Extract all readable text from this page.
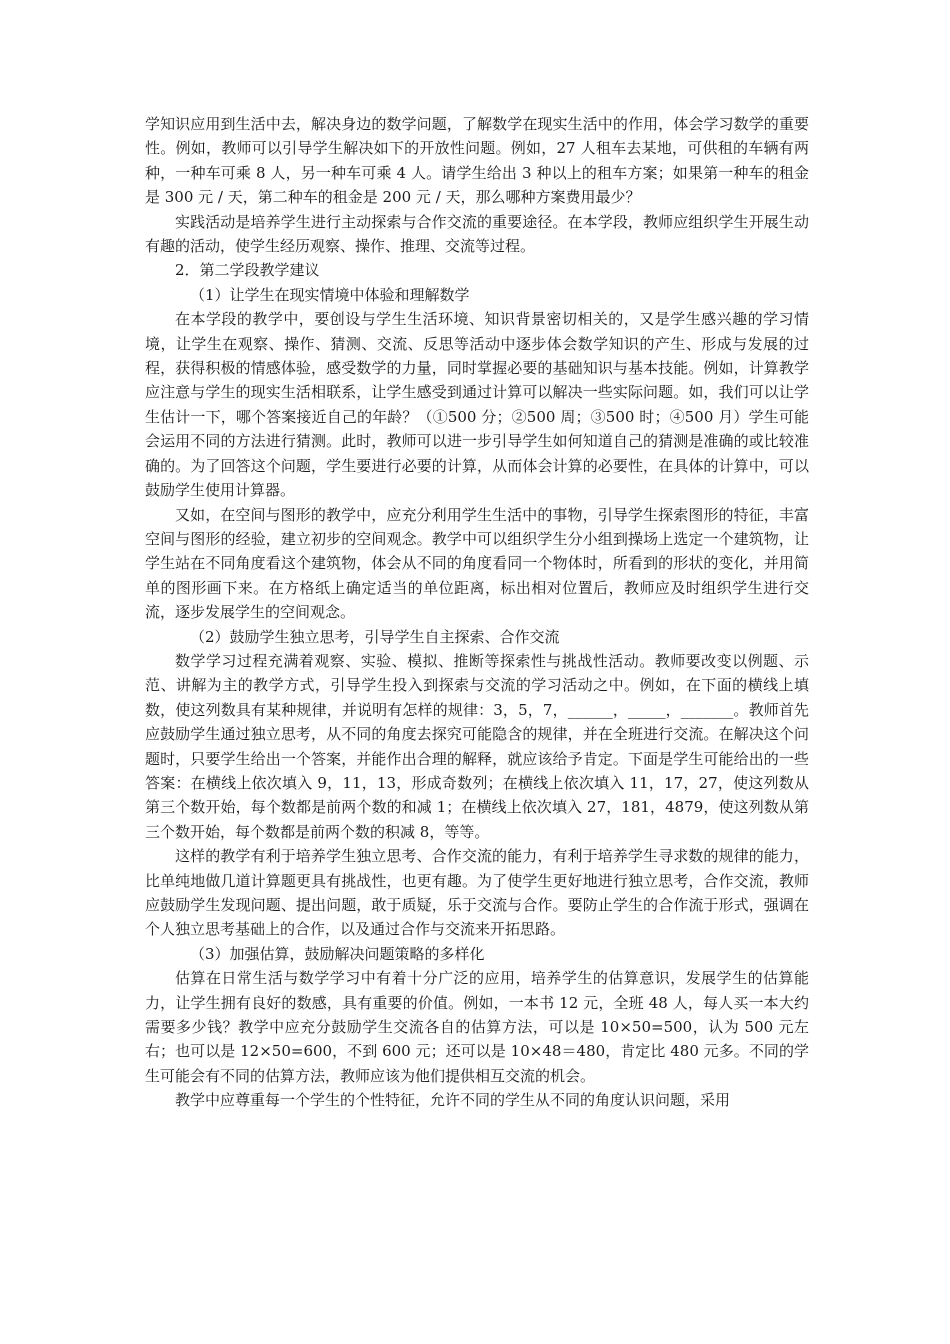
学知识应用到生活中去，解决身边的数学问题，了解数学在现实生活中的作用，体会学习数学的重要性。例如，教师可以引导学生解决如下的开放性问题。例如，27 人租车去某地，可供租的车辆有两种，一种车可乘 8 人，另一种车可乘 4 人。请学生给出 3 种以上的租车方案；如果第一种车的租金是 300 元 / 天，第二种车的租金是 200 元 / 天，那么哪种方案费用最少？

实践活动是培养学生进行主动探索与合作交流的重要途径。在本学段，教师应组织学生开展生动有趣的活动，使学生经历观察、操作、推理、交流等过程。

2．第二学段教学建议

（1）让学生在现实情境中体验和理解数学

在本学段的教学中，要创设与学生生活环境、知识背景密切相关的，又是学生感兴趣的学习情境，让学生在观察、操作、猜测、交流、反思等活动中逐步体会数学知识的产生、形成与发展的过程，获得积极的情感体验，感受数学的力量，同时掌握必要的基础知识与基本技能。例如，计算教学应注意与学生的现实生活相联系，让学生感受到通过计算可以解决一些实际问题。如，我们可以让学生估计一下，哪个答案接近自己的年龄？（①500 分；②500 周；③500 时；④500 月）学生可能会运用不同的方法进行猜测。此时，教师可以进一步引导学生如何知道自己的猜测是准确的或比较准确的。为了回答这个问题，学生要进行必要的计算，从而体会计算的必要性，在具体的计算中，可以鼓励学生使用计算器。

又如，在空间与图形的教学中，应充分利用学生生活中的事物，引导学生探索图形的特征，丰富空间与图形的经验，建立初步的空间观念。教学中可以组织学生分小组到操场上选定一个建筑物，让学生站在不同角度看这个建筑物，体会从不同的角度看同一个物体时，所看到的形状的变化，并用简单的图形画下来。在方格纸上确定适当的单位距离，标出相对位置后，教师应及时组织学生进行交流，逐步发展学生的空间观念。

（2）鼓励学生独立思考，引导学生自主探索、合作交流

数学学习过程充满着观察、实验、模拟、推断等探索性与挑战性活动。教师要改变以例题、示范、讲解为主的教学方式，引导学生投入到探索与交流的学习活动之中。例如，在下面的横线上填数，使这列数具有某种规律，并说明有怎样的规律：3，5，7，______，_____，_______。教师首先应鼓励学生通过独立思考，从不同的角度去探究可能隐含的规律，并在全班进行交流。在解决这个问题时，只要学生给出一个答案，并能作出合理的解释，就应该给予肯定。下面是学生可能给出的一些答案：在横线上依次填入 9，11，13，形成奇数列；在横线上依次填入 11，17，27，使这列数从第三个数开始，每个数都是前两个数的和减 1；在横线上依次填入 27，181，4879，使这列数从第三个数开始，每个数都是前两个数的积减 8，等等。

这样的教学有利于培养学生独立思考、合作交流的能力，有利于培养学生寻求数的规律的能力，比单纯地做几道计算题更具有挑战性，也更有趣。为了使学生更好地进行独立思考，合作交流，教师应鼓励学生发现问题、提出问题，敢于质疑，乐于交流与合作。要防止学生的合作流于形式，强调在个人独立思考基础上的合作，以及通过合作与交流来开拓思路。

（3）加强估算，鼓励解决问题策略的多样化

估算在日常生活与数学学习中有着十分广泛的应用，培养学生的估算意识，发展学生的估算能力，让学生拥有良好的数感，具有重要的价值。例如，一本书 12 元，全班 48 人，每人买一本大约需要多少钱？教学中应充分鼓励学生交流各自的估算方法，可以是 10×50=500，认为 500 元左右；也可以是 12×50=600，不到 600 元；还可以是 10×48＝480，肯定比 480 元多。不同的学生可能会有不同的估算方法，教师应该为他们提供相互交流的机会。

教学中应尊重每一个学生的个性特征，允许不同的学生从不同的角度认识问题，采用
